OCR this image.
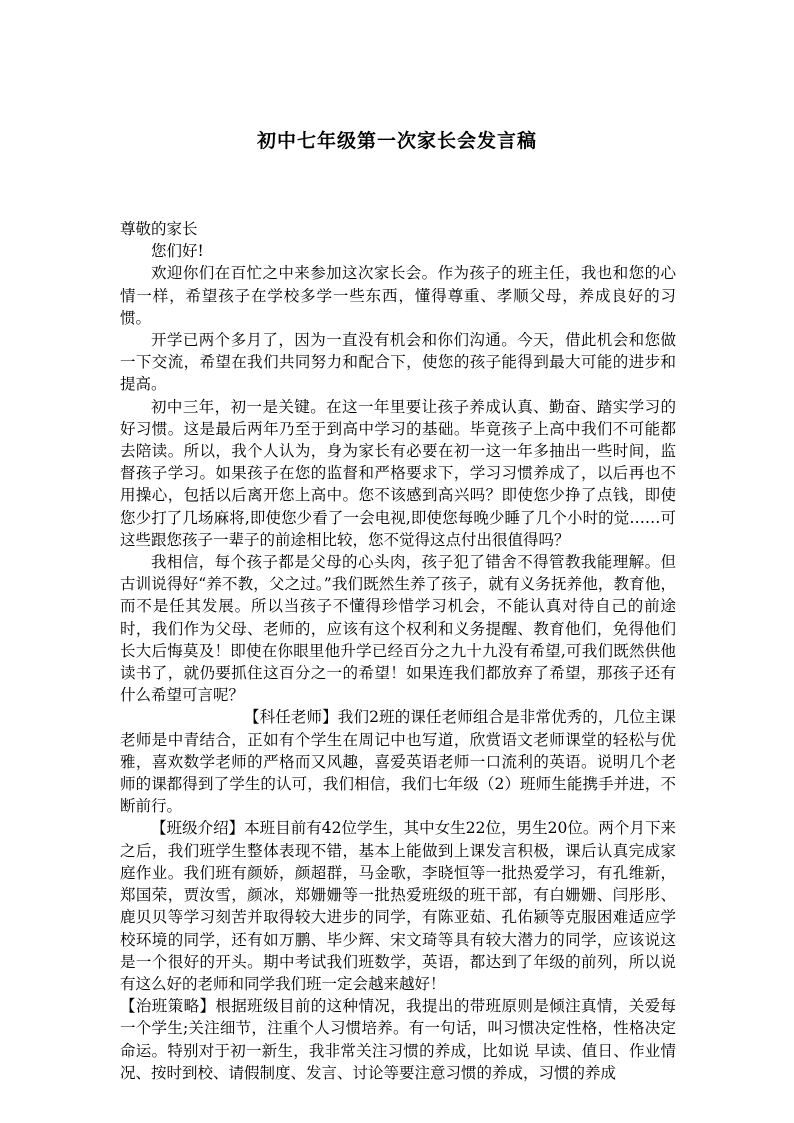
初中七年级第一次家长会发言稿

尊敬的家长

您们好!

欢迎你们在百忙之中来参加这次家长会。作为孩子的班主任，我也和您的心情一样，希望孩子在学校多学一些东西，懂得尊重、孝顺父母，养成良好的习惯。

开学已两个多月了，因为一直没有机会和你们沟通。今天，借此机会和您做一下交流，希望在我们共同努力和配合下，使您的孩子能得到最大可能的进步和提高。

初中三年，初一是关键。在这一年里要让孩子养成认真、勤奋、踏实学习的好习惯。这是最后两年乃至于到高中学习的基础。毕竟孩子上高中我们不可能都去陪读。所以，我个人认为，身为家长有必要在初一这一年多抽出一些时间，监督孩子学习。如果孩子在您的监督和严格要求下，学习习惯养成了，以后再也不用操心，包括以后离开您上高中。您不该感到高兴吗？即使您少挣了点钱，即使您少打了几场麻将,即使您少看了一会电视,即使您每晚少睡了几个小时的觉……可这些跟您孩子一辈子的前途相比较，您不觉得这点付出很值得吗？

我相信，每个孩子都是父母的心头肉，孩子犯了错舍不得管教我能理解。但古训说得好“养不教，父之过。”我们既然生养了孩子，就有义务抚养他，教育他，而不是任其发展。所以当孩子不懂得珍惜学习机会，不能认真对待自己的前途时，我们作为父母、老师的，应该有这个权利和义务提醒、教育他们，免得他们长大后悔莫及！即使在你眼里他升学已经百分之九十九没有希望,可我们既然供他读书了，就仍要抓住这百分之一的希望！如果连我们都放弃了希望，那孩子还有什么希望可言呢？

【科任老师】我们2班的课任老师组合是非常优秀的，几位主课老师是中青结合，正如有个学生在周记中也写道，欣赏语文老师课堂的轻松与优雅，喜欢数学老师的严格而又风趣，喜爱英语老师一口流利的英语。说明几个老师的课都得到了学生的认可，我们相信，我们七年级（2）班师生能携手并进，不断前行。

【班级介绍】本班目前有42位学生，其中女生22位，男生20位。两个月下来之后，我们班学生整体表现不错，基本上能做到上课发言积极，课后认真完成家庭作业。我们班有颜娇，颜超群，马金歌，李晓恒等一批热爱学习，有孔维新，郑国荣，贾汝雪，颜冰，郑姗姗等一批热爱班级的班干部，有白姗姗、闫彤彤、鹿贝贝等学习刻苦并取得较大进步的同学，有陈亚茹、孔佑颍等克服困难适应学校环境的同学，还有如万鹏、毕少辉、宋文琦等具有较大潜力的同学，应该说这是一个很好的开头。期中考试我们班数学，英语，都达到了年级的前列，所以说有这么好的老师和同学我们班一定会越来越好！

【治班策略】根据班级目前的这种情况，我提出的带班原则是倾注真情，关爱每一个学生;关注细节，注重个人习惯培养。有一句话，叫习惯决定性格，性格决定命运。特别对于初一新生，我非常关注习惯的养成，比如说 早读、值日、作业情况、按时到校、请假制度、发言、讨论等要注意习惯的养成，习惯的养成
